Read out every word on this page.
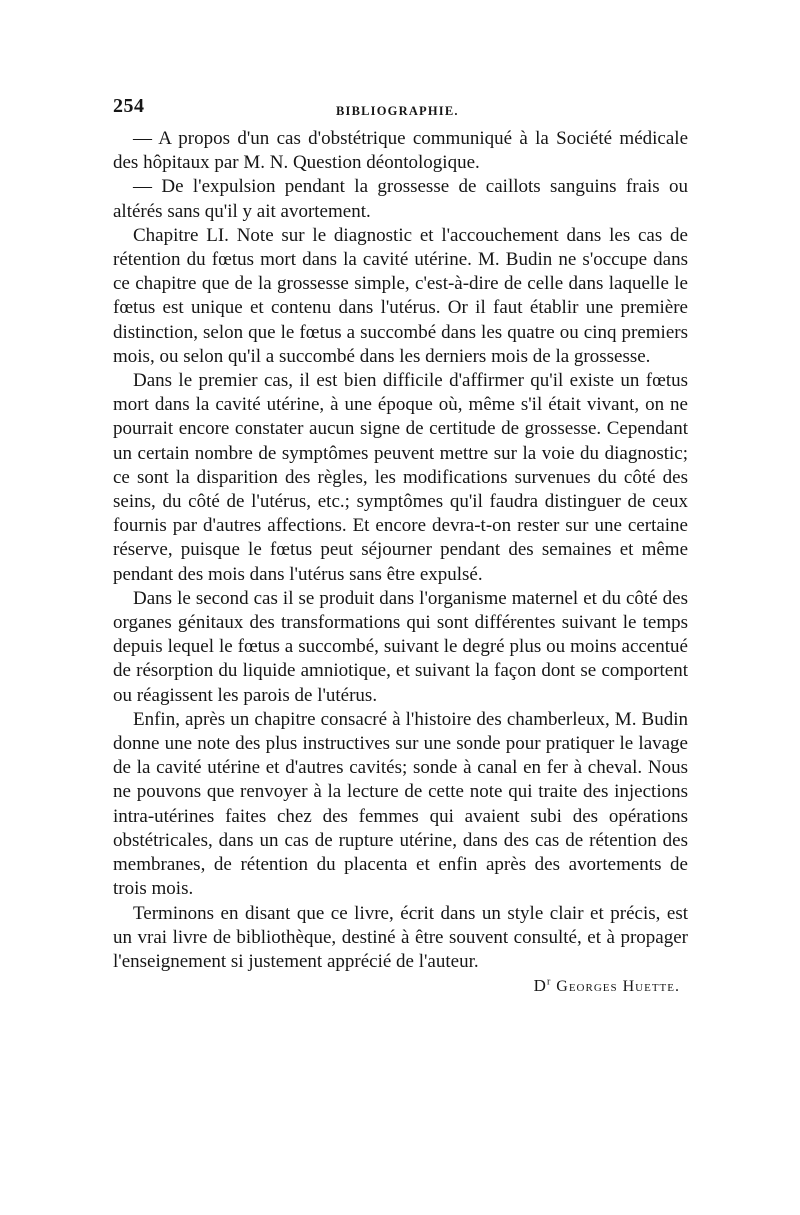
254	BIBLIOGRAPHIE.

— A propos d'un cas d'obstétrique communiqué à la Société médicale des hôpitaux par M. N. Question déontologique.

— De l'expulsion pendant la grossesse de caillots sanguins frais ou altérés sans qu'il y ait avortement.

Chapitre LI. Note sur le diagnostic et l'accouchement dans les cas de rétention du fœtus mort dans la cavité utérine. M. Budin ne s'occupe dans ce chapitre que de la grossesse simple, c'est-à-dire de celle dans laquelle le fœtus est unique et contenu dans l'utérus. Or il faut établir une première distinction, selon que le fœtus a succombé dans les quatre ou cinq premiers mois, ou selon qu'il a succombé dans les derniers mois de la grossesse.

Dans le premier cas, il est bien difficile d'affirmer qu'il existe un fœtus mort dans la cavité utérine, à une époque où, même s'il était vivant, on ne pourrait encore constater aucun signe de certitude de grossesse. Cependant un certain nombre de symptômes peuvent mettre sur la voie du diagnostic; ce sont la disparition des règles, les modifications survenues du côté des seins, du côté de l'utérus, etc.; symptômes qu'il faudra distinguer de ceux fournis par d'autres affections. Et encore devra-t-on rester sur une certaine réserve, puisque le fœtus peut séjourner pendant des semaines et même pendant des mois dans l'utérus sans être expulsé.

Dans le second cas il se produit dans l'organisme maternel et du côté des organes génitaux des transformations qui sont différentes suivant le temps depuis lequel le fœtus a succombé, suivant le degré plus ou moins accentué de résorption du liquide amniotique, et suivant la façon dont se comportent ou réagissent les parois de l'utérus.

Enfin, après un chapitre consacré à l'histoire des chamberleux, M. Budin donne une note des plus instructives sur une sonde pour pratiquer le lavage de la cavité utérine et d'autres cavités; sonde à canal en fer à cheval. Nous ne pouvons que renvoyer à la lecture de cette note qui traite des injections intra-utérines faites chez des femmes qui avaient subi des opérations obstétricales, dans un cas de rupture utérine, dans des cas de rétention des membranes, de rétention du placenta et enfin après des avortements de trois mois.

Terminons en disant que ce livre, écrit dans un style clair et précis, est un vrai livre de bibliothèque, destiné à être souvent consulté, et à propager l'enseignement si justement apprécié de l'auteur.

$D^r$ Georges Huette.
